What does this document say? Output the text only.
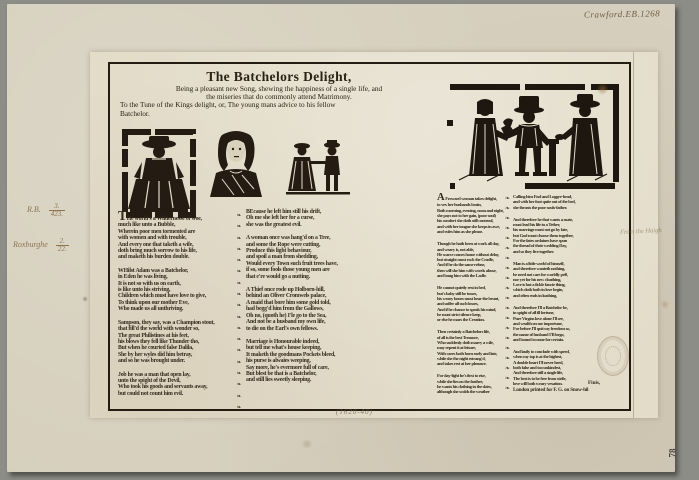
The Batchelors Delight,
Being a pleasant new Song, shewing the happiness of a single life, and
the miseries that do commonly attend Matrimony.
To the Tune of the Kings delight, or, The young mans advice to his fellow
Batchelor.
THe world's a Wildernesse of woe,
much like unto a Bubble,
Wherein poor men tormented are
with women and with trouble,
And every one that taketh a wife,
doth bring much sorrow to his life,
and maketh his burden double.
WHilst Adam was a Batchelor,
in Eden he was living,
It is not so with us on earth,
is like unto his striving,
Children which must have love to give,
To think upon our mother Eve,
Who made us all unthriving.
Sampson, they say, was a Champion stout,
that fill'd the world with wonder so,
The great Philistines at his feet,
his blows they fell like Thunder tho,
But when he courted false Dalila,
She by her wyles did him betray,
and so he was brought under.
Job he was a man that open lay,
unto the spight of the Devil,
Who took his goods and servants away,
but could not count him evil.
❧
❧
❧
❧
❧
❧
❧
❧
❧
❧
❧
❧
❧
❧
❧
❧
❧
❧
BEcause he left him still his drift,
Oh me she left her for a curse,
she was the greatest evil.
A woman once was hang'd on a Tree,
and some the Rope were cutting,
Produce this light behaviour,
and spoil a man from shedding,
Would every Town such fruit trees have,
if so, some fools those young men are
that e're would go a nutting.
A Thief once rode up Holborn-hill,
behind an Oliver Cromwels palace,
A maid that bore him some gold told,
had begg'd him from the Gallows,
Oh no, (quoth he) I'le go to the Sea,
And not be a husband my own life,
to die on the Earl's own fellows.
Marriage is Honourable indeed,
but tell me what's house keeping,
It maketh the goodmans Pockets bleed,
his purse is alwaies weeping,
Say more, he's evermore full of care,
But blest be that is a Batchelor,
and still lies sweetly sleeping.
A Froward woman takes delight,
to vex her husbands brain,
Both morning, evening, noon and night,
she pays not to her gain, (poor soul)
his comfort she doth still controul,
and with her tongue she keeps in awe,
and rules him as she please.
Though he hath been at work all day,
and weary is, not able,
He scarce comes home without delay,
but straight must rock the Cradle,
And if he do the same refuse,
then will she him with words abuse,
and bang him with the Ladle.
He cannot quietly rest in bed,
but's baby still he tosses,
his weary bones must bear the brunt,
and suffer all such losses,
And if he chance to speak his mind,
he must strict silence keep,
or else he mars the Creation.
Then certainly a Batchelors life,
of all is the best Treasure,
Who suddenly doth marry a wife,
may repent it at leisure,
With cares both born early and late,
while she the night estrang'd,
and takes rest at her pleasure.
For day-light he's first to rise,
while she lies on the feather,
he wants his clothing in the skies,
although she scolds the weather
❧
❧
❧
❧
❧
❧
❧
❧
❧
❧
❧
❧
❧
❧
❧
❧
❧
❧
❧
❧
Calling him Fool and Loggre-head,
and with her foot quite out of the bed,
she thrusts the poor souls-father.
And therefore he that wants a mate,
must lead his life in a Tether,
his marriage must not go by fate,
but God must choose them together,
For the fates ordaines have spun
the thread of their wedding Day,
and so they live together.
Man is a little world of himself,
and therefore wanteth nothing,
he need not care for worldly pelf,
nor yet for his new cloathing,
Love is but a fickle fancie thing,
which doth both in love begin,
and often ends in loathing,
And therefore I'll a Batchelor be,
in spight of all ill fortune,
Pure Virgins love alone I'll see,
and wealth on me importune,
For before I'll quit my freedom so,
the name of husband I'll forgo,
and bound to none for certain.
And lastly to conclude with speed,
when my top is at the highest,
A double heart I'll never heed,
both false and too unkindest,
And therefore still a single life,
The best is to be free from strife,
love will both weary vexation.	Finis,
London printed for F. G. on Snow-hil
Crawford.EB.1268
R.B. $\frac{3.}{423.}$
Roxburghe $\frac{2.}{22.}$
From the Haigh
(1620-40)
78
